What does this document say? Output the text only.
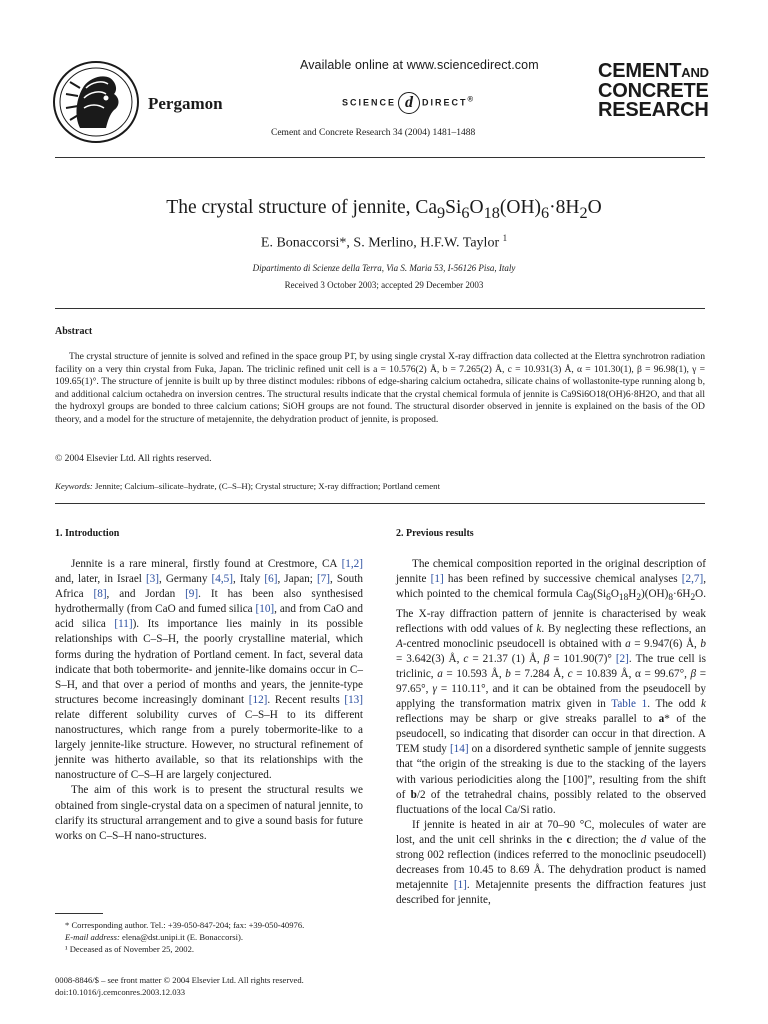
Pergamon
Available online at www.sciencedirect.com
SCIENCE d DIRECT®
Cement and Concrete Research 34 (2004) 1481–1488
CEMENTAND
CONCRETE
RESEARCH
The crystal structure of jennite, $Ca_9Si_6O_{18}(OH)_6\cdot 8H_2O$
E. Bonaccorsi*, S. Merlino, H.F.W. Taylor $^1$
Dipartimento di Scienze della Terra, Via S. Maria 53, I-56126 Pisa, Italy
Received 3 October 2003; accepted 29 December 2003
Abstract

The crystal structure of jennite is solved and refined in the space group P1̄, by using single crystal X-ray diffraction data collected at the Elettra synchrotron radiation facility on a very thin crystal from Fuka, Japan. The triclinic refined unit cell is a = 10.576(2) Å, b = 7.265(2) Å, c = 10.931(3) Å, α = 101.30(1), β = 96.98(1), γ = 109.65(1)°. The structure of jennite is built up by three distinct modules: ribbons of edge-sharing calcium octahedra, silicate chains of wollastonite-type running along b, and additional calcium octahedra on inversion centres. The structural results indicate that the crystal chemical formula of jennite is Ca9Si6O18(OH)6·8H2O, and that all the hydroxyl groups are bonded to three calcium cations; SiOH groups are not found. The structural disorder observed in jennite is explained on the basis of the OD theory, and a model for the structure of metajennite, the dehydration product of jennite, is proposed.

© 2004 Elsevier Ltd. All rights reserved.
Keywords: Jennite; Calcium–silicate–hydrate, (C–S–H); Crystal structure; X-ray diffraction; Portland cement
1. Introduction	2. Previous results

Jennite is a rare mineral, firstly found at Crestmore, CA [1,2] and, later, in Israel [3], Germany [4,5], Italy [6], Japan; [7], South Africa [8], and Jordan [9]. It has been also synthesised hydrothermally (from CaO and fumed silica [10], and from CaO and acid silica [11]). Its importance lies mainly in its possible relationships with C–S–H, the poorly crystalline material, which forms during the hydration of Portland cement. In fact, several data indicate that both tobermorite- and jennite-like domains occur in C–S–H, and that over a period of months and years, the jennite-type structures become increasingly dominant [12]. Recent results [13] relate different solubility curves of C–S–H to its different nanostructures, which range from a purely tobermorite-like to a largely jennite-like structure. However, no structural refinement of jennite was hitherto available, so that its relationships with the nanostructure of C–S–H are largely conjectured.

The aim of this work is to present the structural results we obtained from single-crystal data on a specimen of natural jennite, to clarify its structural arrangement and to give a sound basis for future works on C–S–H nano-structures.

The chemical composition reported in the original description of jennite [1] has been refined by successive chemical analyses [2,7], which pointed to the chemical formula $Ca_9(Si_6O_{18}H_2)(OH)_8\cdot 6H_2O$. The X-ray diffraction pattern of jennite is characterised by weak reflections with odd values of k. By neglecting these reflections, an A-centred monoclinic pseudocell is obtained with a = 9.947(6) Å, b = 3.642(3) Å, c = 21.37 (1) Å, β = 101.90(7)° [2]. The true cell is triclinic, a = 10.593 Å, b = 7.284 Å, c = 10.839 Å, α = 99.67°, β = 97.65°, γ = 110.11°, and it can be obtained from the pseudocell by applying the transformation matrix given in Table 1. The odd k reflections may be sharp or give streaks parallel to a* of the pseudocell, so indicating that disorder can occur in that direction. A TEM study [14] on a disordered synthetic sample of jennite suggests that “the origin of the streaking is due to the stacking of the layers with various periodicities along the [100]”, resulting from the shift of b/2 of the tetrahedral chains, possibly related to the observed fluctuations of the local Ca/Si ratio.

If jennite is heated in air at 70–90 °C, molecules of water are lost, and the unit cell shrinks in the c direction; the d value of the strong 002 reflection (indices referred to the monoclinic pseudocell) decreases from 10.45 to 8.69 Å. The dehydration product is named metajennite [1]. Metajennite presents the diffraction features just described for jennite,

* Corresponding author. Tel.: +39-050-847-204; fax: +39-050-40976.
E-mail address: elena@dst.unipi.it (E. Bonaccorsi).
¹ Deceased as of November 25, 2002.
0008-8846/$ – see front matter © 2004 Elsevier Ltd. All rights reserved.
doi:10.1016/j.cemconres.2003.12.033
